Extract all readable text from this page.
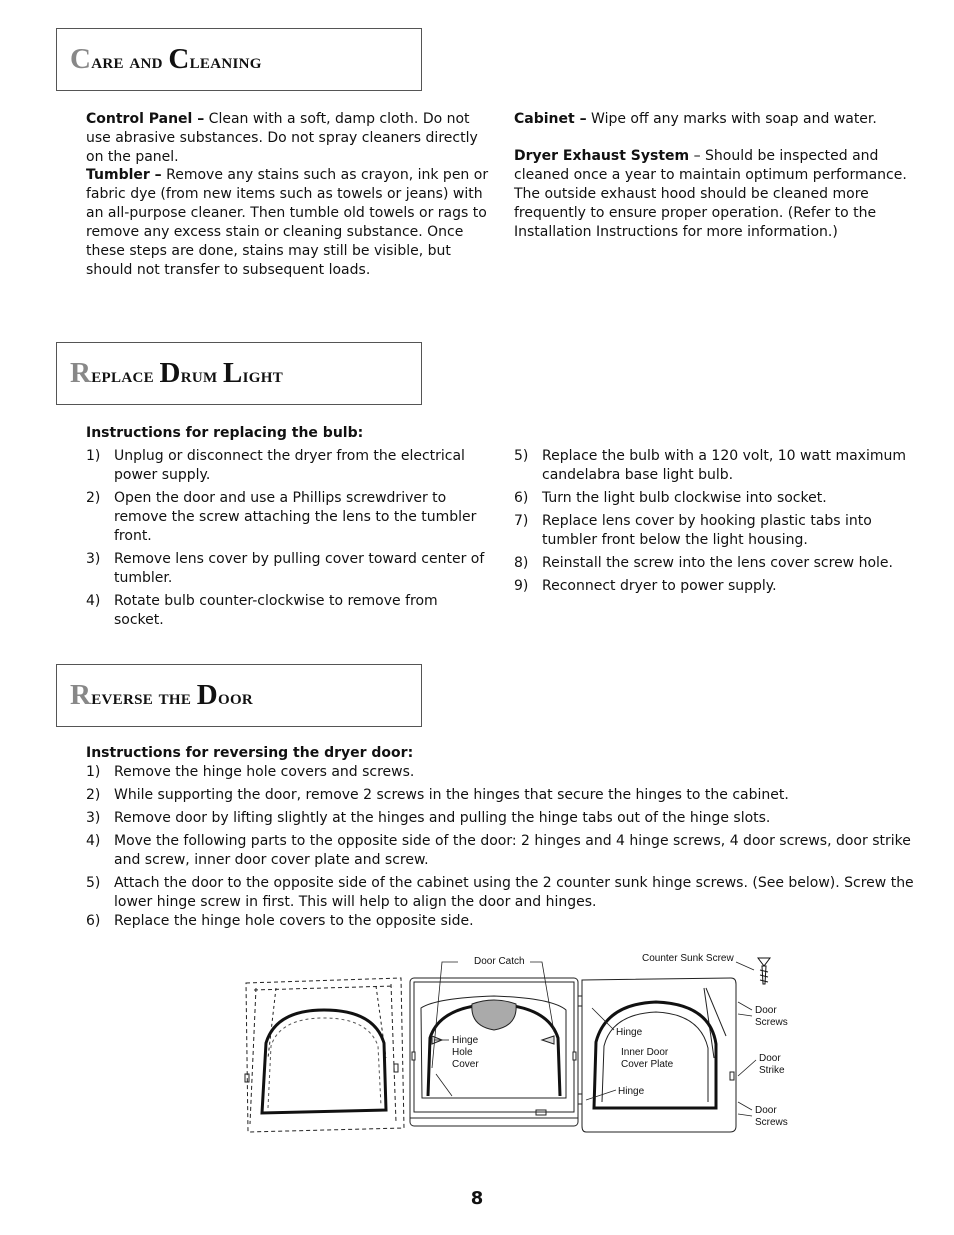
Care and Cleaning
Control Panel – Clean with a soft, damp cloth. Do not use abrasive substances. Do not spray cleaners directly on the panel.
Tumbler – Remove any stains such as crayon, ink pen or fabric dye (from new items such as towels or jeans) with an all-purpose cleaner. Then tumble old towels or rags to remove any excess stain or cleaning substance. Once these steps are done, stains may still be visible, but should not transfer to subsequent loads.
Cabinet – Wipe off any marks with soap and water.
Dryer Exhaust System – Should be inspected and cleaned once a year to maintain optimum performance. The outside exhaust hood should be cleaned more frequently to ensure proper operation. (Refer to the Installation Instructions for more information.)
Replace Drum Light
Instructions for replacing the bulb:
1) Unplug or disconnect the dryer from the electrical power supply.
2) Open the door and use a Phillips screwdriver to remove the screw attaching the lens to the tumbler front.
3) Remove lens cover by pulling cover toward center of tumbler.
4) Rotate bulb counter-clockwise to remove from socket.
5) Replace the bulb with a 120 volt, 10 watt maximum candelabra base light bulb.
6) Turn the light bulb clockwise into socket.
7) Replace lens cover by hooking plastic tabs into tumbler front below the light housing.
8) Reinstall the screw into the lens cover screw hole.
9) Reconnect dryer to power supply.
Reverse the Door
Instructions for reversing the dryer door:
1) Remove the hinge hole covers and screws.
2) While supporting the door, remove 2 screws in the hinges that secure the hinges to the cabinet.
3) Remove door by lifting slightly at the hinges and pulling the hinge tabs out of the hinge slots.
4) Move the following parts to the opposite side of the door: 2 hinges and 4 hinge screws, 4 door screws, door strike and screw, inner door cover plate and screw.
5) Attach the door to the opposite side of the cabinet using the 2 counter sunk hinge screws. (See below). Screw the lower hinge screw in first. This will help to align the door and hinges.
6) Replace the hinge hole covers to the opposite side.
Door Catch	Counter Sunk Screw
Hinge
Hole
Cover
Hinge
Inner Door
Cover Plate
Hinge
Door
Screws
Door
Strike
Door
Screws
8
